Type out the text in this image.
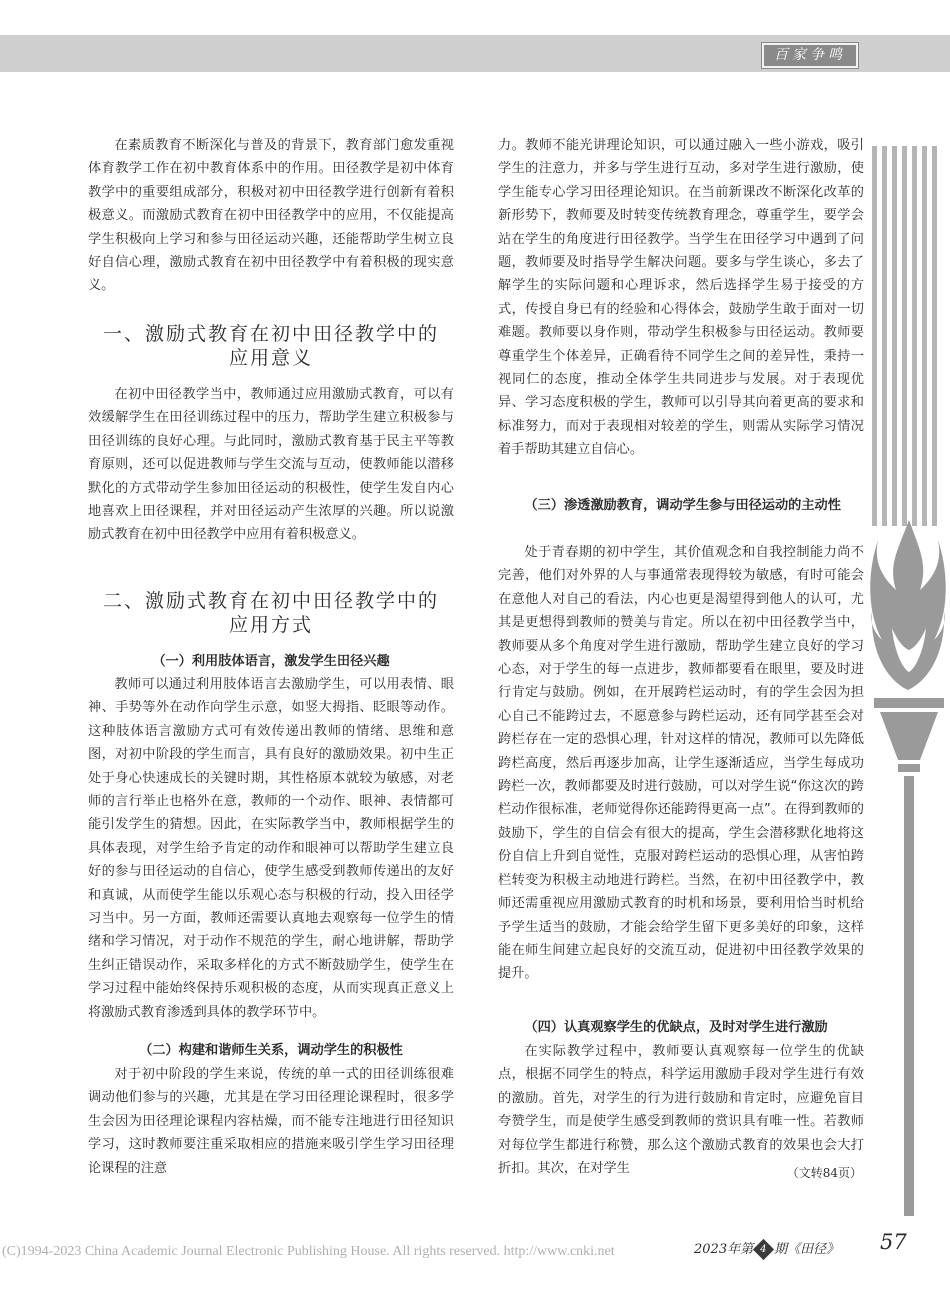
百家争鸣

在素质教育不断深化与普及的背景下，教育部门愈发重视体育教学工作在初中教育体系中的作用。田径教学是初中体育教学中的重要组成部分，积极对初中田径教学进行创新有着积极意义。而激励式教育在初中田径教学中的应用，不仅能提高学生积极向上学习和参与田径运动兴趣，还能帮助学生树立良好自信心理，激励式教育在初中田径教学中有着积极的现实意义。

一、激励式教育在初中田径教学中的

应用意义

在初中田径教学当中，教师通过应用激励式教育，可以有效缓解学生在田径训练过程中的压力，帮助学生建立积极参与田径训练的良好心理。与此同时，激励式教育基于民主平等教育原则，还可以促进教师与学生交流与互动，使教师能以潜移默化的方式带动学生参加田径运动的积极性，使学生发自内心地喜欢上田径课程，并对田径运动产生浓厚的兴趣。所以说激励式教育在初中田径教学中应用有着积极意义。

二、激励式教育在初中田径教学中的

应用方式

（一）利用肢体语言，激发学生田径兴趣

教师可以通过利用肢体语言去激励学生，可以用表情、眼神、手势等外在动作向学生示意，如竖大拇指、眨眼等动作。这种肢体语言激励方式可有效传递出教师的情绪、思维和意图，对初中阶段的学生而言，具有良好的激励效果。初中生正处于身心快速成长的关键时期，其性格原本就较为敏感，对老师的言行举止也格外在意，教师的一个动作、眼神、表情都可能引发学生的猜想。因此，在实际教学当中，教师根据学生的具体表现，对学生给予肯定的动作和眼神可以帮助学生建立良好的参与田径运动的自信心，使学生感受到教师传递出的友好和真诚，从而使学生能以乐观心态与积极的行动，投入田径学习当中。另一方面，教师还需要认真地去观察每一位学生的情绪和学习情况，对于动作不规范的学生，耐心地讲解，帮助学生纠正错误动作，采取多样化的方式不断鼓励学生，使学生在学习过程中能始终保持乐观积极的态度，从而实现真正意义上将激励式教育渗透到具体的教学环节中。

（二）构建和谐师生关系，调动学生的积极性

对于初中阶段的学生来说，传统的单一式的田径训练很难调动他们参与的兴趣，尤其是在学习田径理论课程时，很多学生会因为田径理论课程内容枯燥，而不能专注地进行田径知识学习，这时教师要注重采取相应的措施来吸引学生学习田径理论课程的注意

力。教师不能光讲理论知识，可以通过融入一些小游戏，吸引学生的注意力，并多与学生进行互动，多对学生进行激励，使学生能专心学习田径理论知识。在当前新课改不断深化改革的新形势下，教师要及时转变传统教育理念，尊重学生，要学会站在学生的角度进行田径教学。当学生在田径学习中遇到了问题，教师要及时指导学生解决问题。要多与学生谈心，多去了解学生的实际问题和心理诉求，然后选择学生易于接受的方式，传授自身已有的经验和心得体会，鼓励学生敢于面对一切难题。教师要以身作则，带动学生积极参与田径运动。教师要尊重学生个体差异，正确看待不同学生之间的差异性，秉持一视同仁的态度，推动全体学生共同进步与发展。对于表现优异、学习态度积极的学生，教师可以引导其向着更高的要求和标准努力，而对于表现相对较差的学生，则需从实际学习情况着手帮助其建立自信心。

（三）渗透激励教育，调动学生参与田径运动的主动性

处于青春期的初中学生，其价值观念和自我控制能力尚不完善，他们对外界的人与事通常表现得较为敏感，有时可能会在意他人对自己的看法，内心也更是渴望得到他人的认可，尤其是更想得到教师的赞美与肯定。所以在初中田径教学当中，教师要从多个角度对学生进行激励，帮助学生建立良好的学习心态，对于学生的每一点进步，教师都要看在眼里，要及时进行肯定与鼓励。例如，在开展跨栏运动时，有的学生会因为担心自己不能跨过去，不愿意参与跨栏运动，还有同学甚至会对跨栏存在一定的恐惧心理，针对这样的情况，教师可以先降低跨栏高度，然后再逐步加高，让学生逐渐适应，当学生每成功跨栏一次，教师都要及时进行鼓励，可以对学生说“你这次的跨栏动作很标准，老师觉得你还能跨得更高一点”。在得到教师的鼓励下，学生的自信会有很大的提高，学生会潜移默化地将这份自信上升到自觉性，克服对跨栏运动的恐惧心理，从害怕跨栏转变为积极主动地进行跨栏。当然，在初中田径教学中，教师还需重视应用激励式教育的时机和场景，要利用恰当时机给予学生适当的鼓励，才能会给学生留下更多美好的印象，这样能在师生间建立起良好的交流互动，促进初中田径教学效果的提升。

（四）认真观察学生的优缺点，及时对学生进行激励

在实际教学过程中，教师要认真观察每一位学生的优缺点，根据不同学生的特点，科学运用激励手段对学生进行有效的激励。首先，对学生的行为进行鼓励和肯定时，应避免盲目夸赞学生，而是使学生感受到教师的赏识具有唯一性。若教师对每位学生都进行称赞，那么这个激励式教育的效果也会大打折扣。其次，在对学生	（文转84页）
2023年第 4 期《田径》 57
(C)1994-2023 China Academic Journal Electronic Publishing House. All rights reserved. http://www.cnki.net
